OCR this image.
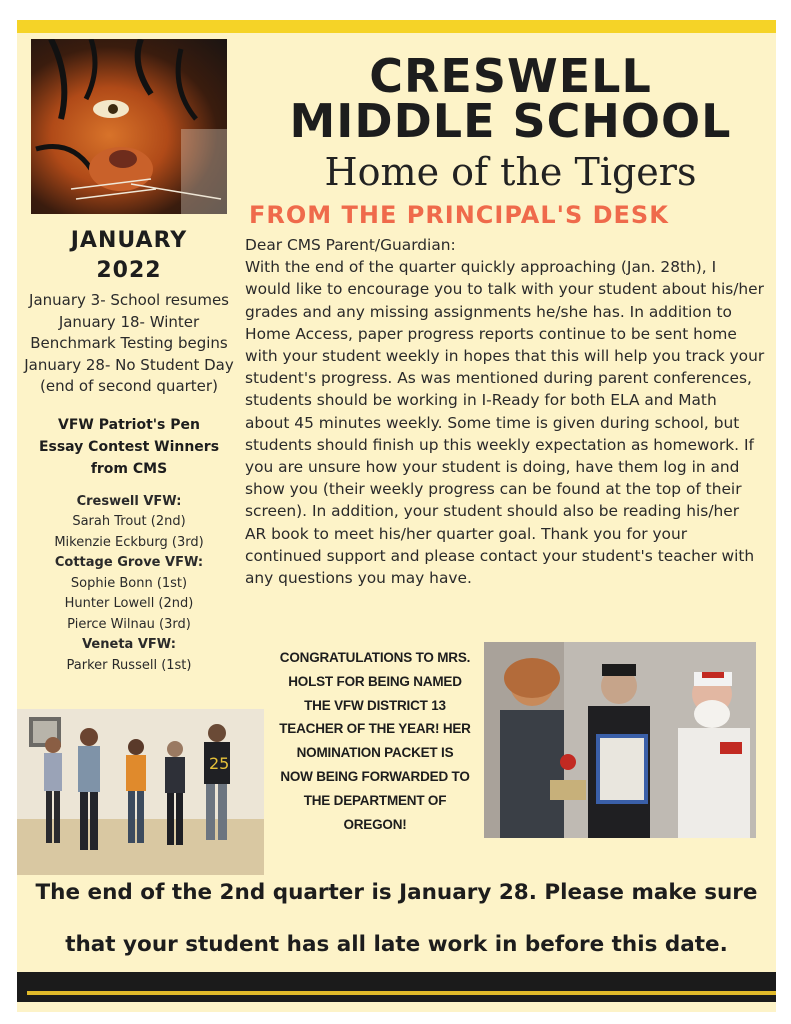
CRESWELL
MIDDLE SCHOOL
Home of the Tigers
FROM THE PRINCIPAL'S DESK

Dear CMS Parent/Guardian:

With the end of the quarter quickly approaching (Jan. 28th), I would like to encourage you to talk with your student about his/her grades and any missing assignments he/she has. In addition to Home Access, paper progress reports continue to be sent home with your student weekly in hopes that this will help you track your student's progress. As was mentioned during parent conferences, students should be working in I-Ready for both ELA and Math about 45 minutes weekly. Some time is given during school, but students should finish up this weekly expectation as homework. If you are unsure how your student is doing, have them log in and show you (their weekly progress can be found at the top of their screen). In addition, your student should also be reading his/her AR book to meet his/her quarter goal. Thank you for your continued support and please contact your student's teacher with any questions you may have.

JANUARY
2022
January 3- School resumes
January 18- Winter
Benchmark Testing begins
January 28- No Student Day
(end of second quarter)
VFW Patriot's Pen
Essay Contest Winners
from CMS
Creswell VFW:
Sarah Trout (2nd)
Mikenzie Eckburg (3rd)
Cottage Grove VFW:
Sophie Bonn (1st)
Hunter Lowell (2nd)
Pierce Wilnau (3rd)
Veneta VFW:
Parker Russell (1st)
25
CONGRATULATIONS TO MRS. HOLST FOR BEING NAMED THE VFW DISTRICT 13 TEACHER OF THE YEAR! HER NOMINATION PACKET IS NOW BEING FORWARDED TO THE DEPARTMENT OF OREGON!
The end of the 2nd quarter is January 28. Please make sure
that your student has all late work in before this date.
